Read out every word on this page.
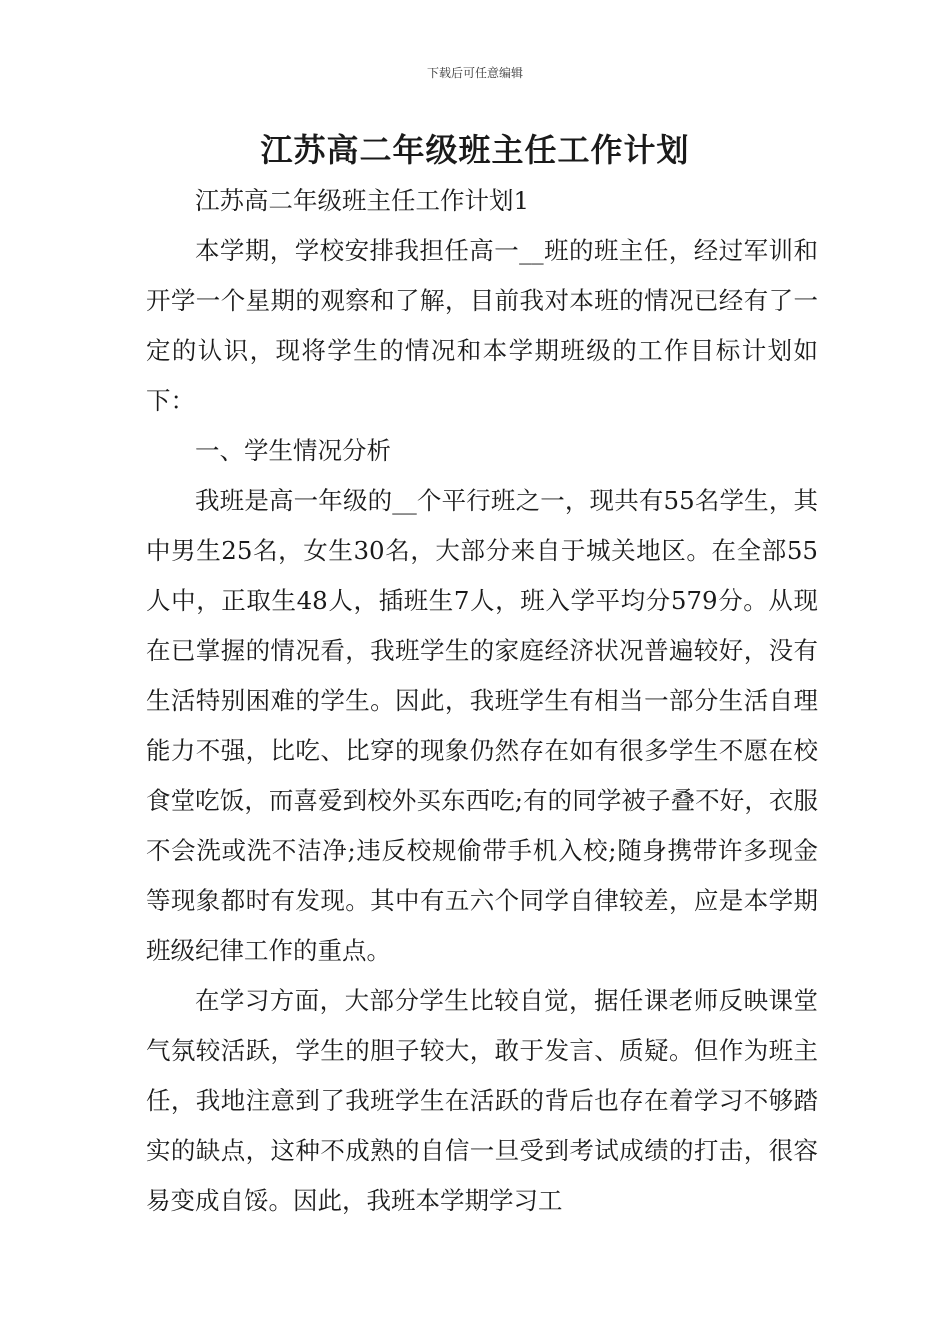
下载后可任意编辑
江苏高二年级班主任工作计划

江苏高二年级班主任工作计划1

本学期，学校安排我担任高一__班的班主任，经过军训和开学一个星期的观察和了解，目前我对本班的情况已经有了一定的认识，现将学生的情况和本学期班级的工作目标计划如下：

一、学生情况分析

我班是高一年级的__个平行班之一，现共有55名学生，其中男生25名，女生30名，大部分来自于城关地区。在全部55人中，正取生48人，插班生7人，班入学平均分579分。从现在已掌握的情况看，我班学生的家庭经济状况普遍较好，没有生活特别困难的学生。因此，我班学生有相当一部分生活自理能力不强，比吃、比穿的现象仍然存在如有很多学生不愿在校食堂吃饭，而喜爱到校外买东西吃;有的同学被子叠不好，衣服不会洗或洗不洁净;违反校规偷带手机入校;随身携带许多现金等现象都时有发现。其中有五六个同学自律较差，应是本学期班级纪律工作的重点。

在学习方面，大部分学生比较自觉，据任课老师反映课堂气氛较活跃，学生的胆子较大，敢于发言、质疑。但作为班主任，我地注意到了我班学生在活跃的背后也存在着学习不够踏实的缺点，这种不成熟的自信一旦受到考试成绩的打击，很容易变成自馁。因此，我班本学期学习工
